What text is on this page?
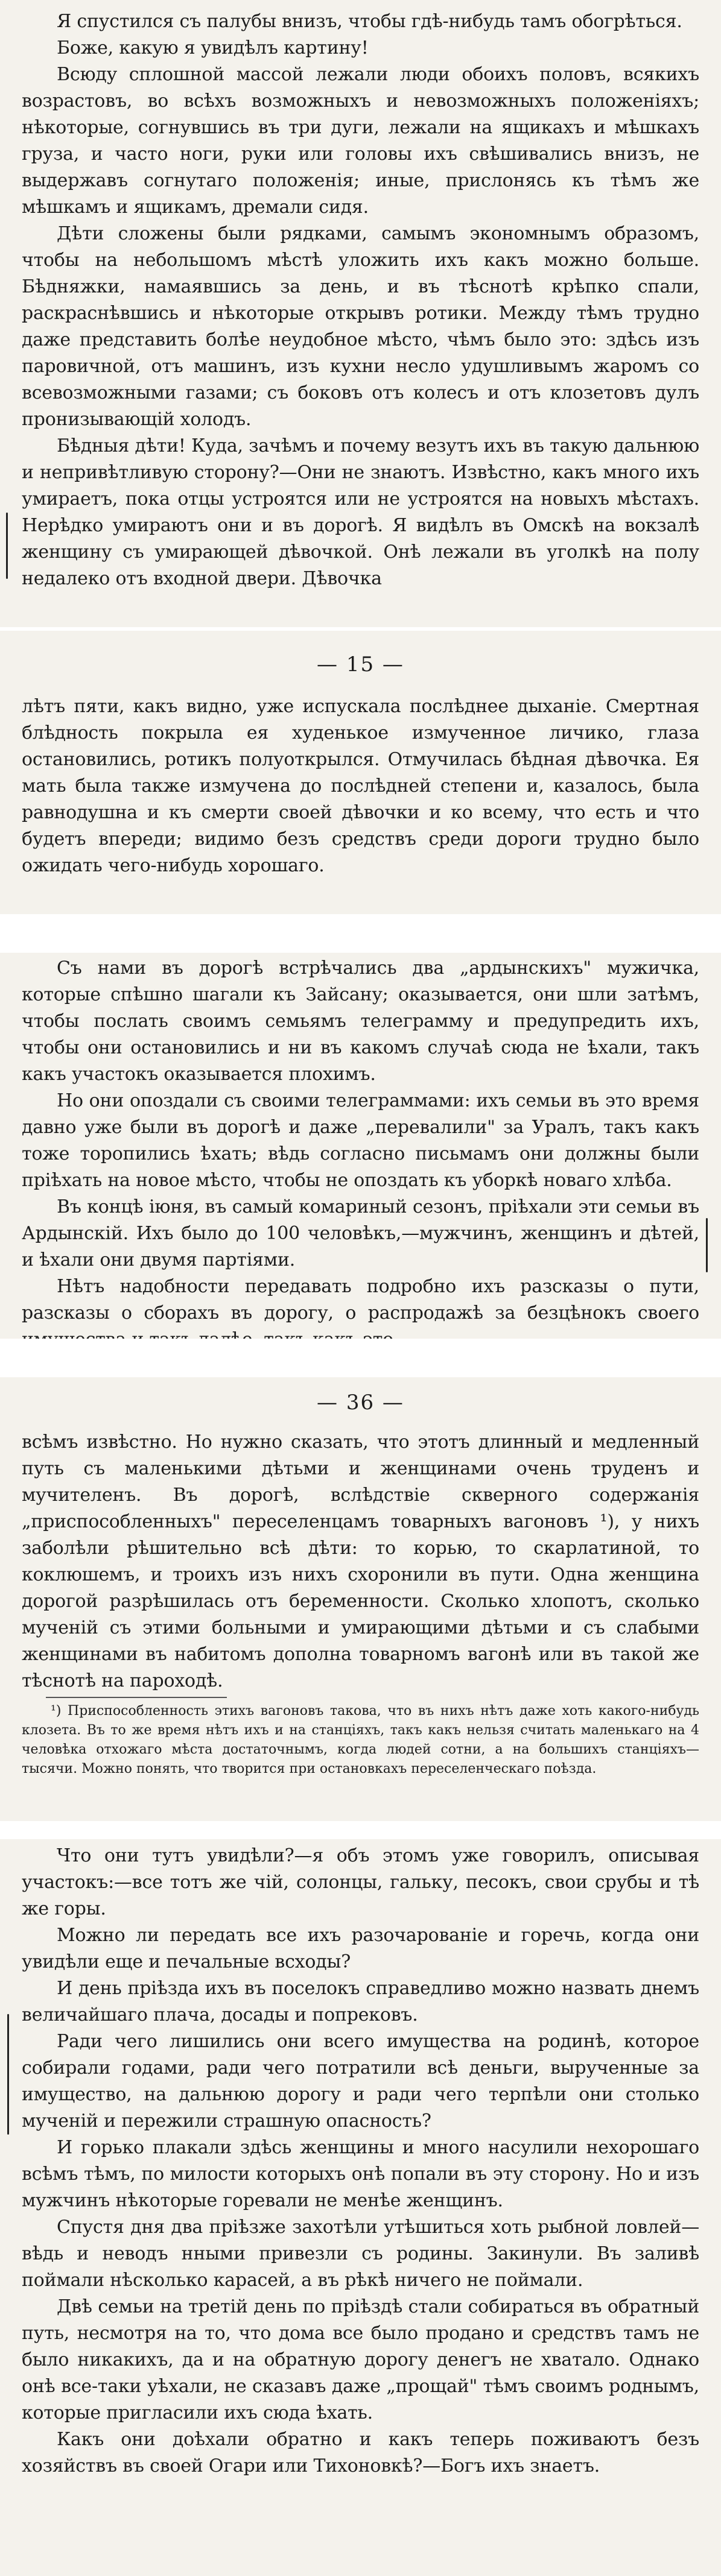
Я спустился съ палубы внизъ, чтобы гдѣ-нибудь тамъ обогрѣться.

Боже, какую я увидѣлъ картину!

Всюду сплошной массой лежали люди обоихъ половъ, всякихъ возрастовъ, во всѣхъ возможныхъ и невозможныхъ положеніяхъ; нѣкоторые, согнувшись въ три дуги, лежали на ящикахъ и мѣшкахъ груза, и часто ноги, руки или головы ихъ свѣшивались внизъ, не выдержавъ согнутаго положенія; иные, прислонясь къ тѣмъ же мѣшкамъ и ящикамъ, дремали сидя.

Дѣти сложены были рядками, самымъ экономнымъ образомъ, чтобы на небольшомъ мѣстѣ уложить ихъ какъ можно больше. Бѣдняжки, намаявшись за день, и въ тѣснотѣ крѣпко спали, раскраснѣвшись и нѣкоторые открывъ ротики. Между тѣмъ трудно даже представить болѣе неудобное мѣсто, чѣмъ было это: здѣсь изъ паровичной, отъ машинъ, изъ кухни несло удушливымъ жаромъ со всевозможными газами; съ боковъ отъ колесъ и отъ клозетовъ дулъ пронизывающій холодъ.

Бѣдныя дѣти! Куда, зачѣмъ и почему везутъ ихъ въ такую дальнюю и непривѣтливую сторону?—Они не знаютъ. Извѣстно, какъ много ихъ умираетъ, пока отцы устроятся или не устроятся на новыхъ мѣстахъ. Нерѣдко умираютъ они и въ дорогѣ. Я видѣлъ въ Омскѣ на вокзалѣ женщину съ умирающей дѣвочкой. Онѣ лежали въ уголкѣ на полу недалеко отъ входной двери. Дѣвочка

— 15 —

лѣтъ пяти, какъ видно, уже испускала послѣднее дыханіе. Смертная блѣдность покрыла ея худенькое измученное личико, глаза остановились, ротикъ полуоткрылся. Отмучилась бѣдная дѣвочка. Ея мать была также измучена до послѣдней степени и, казалось, была равнодушна и къ смерти своей дѣвочки и ко всему, что есть и что будетъ впереди; видимо безъ средствъ среди дороги трудно было ожидать чего-нибудь хорошаго.

Съ нами въ дорогѣ встрѣчались два „ардынскихъ" мужичка, которые спѣшно шагали къ Зайсану; оказывается, они шли затѣмъ, чтобы послать своимъ семьямъ телеграмму и предупредить ихъ, чтобы они остановились и ни въ какомъ случаѣ сюда не ѣхали, такъ какъ участокъ оказывается плохимъ.

Но они опоздали съ своими телеграммами: ихъ семьи въ это время давно уже были въ дорогѣ и даже „перевалили" за Уралъ, такъ какъ тоже торопились ѣхать; вѣдь согласно письмамъ они должны были пріѣхать на новое мѣсто, чтобы не опоздать къ уборкѣ новаго хлѣба.

Въ концѣ іюня, въ самый комариный сезонъ, пріѣхали эти семьи въ Ардынскій. Ихъ было до 100 человѣкъ,—мужчинъ, женщинъ и дѣтей, и ѣхали они двумя партіями.

Нѣтъ надобности передавать подробно ихъ разсказы о пути, разсказы о сборахъ въ дорогу, о распродажѣ за безцѣнокъ своего

— 36 —

всѣмъ извѣстно. Но нужно сказать, что этотъ длинный и медленный путь съ маленькими дѣтьми и женщинами очень труденъ и мучителенъ. Въ дорогѣ, вслѣдствіе скверного содержанія „приспособленныхъ" переселенцамъ товарныхъ вагоновъ ¹), у нихъ заболѣли рѣшительно всѣ дѣти: то корью, то скарлатиной, то коклюшемъ, и троихъ изъ нихъ схоронили въ пути. Одна женщина дорогой разрѣшилась отъ беременности. Сколько хлопотъ, сколько мученій съ этими больными и умирающими дѣтьми и съ слабыми женщинами въ набитомъ дополна товарномъ вагонѣ или въ такой же тѣснотѣ на пароходѣ.

¹) Приспособленность этихъ вагоновъ такова, что въ нихъ нѣтъ даже хоть какого-нибудь клозета. Въ то же время нѣтъ ихъ и на станціяхъ, такъ какъ нельзя считать маленькаго на 4 человѣка отхожаго мѣста достаточнымъ, когда людей сотни, а на большихъ станціяхъ—тысячи. Можно понять, что творится при остановкахъ переселенческаго поѣзда.

Что они тутъ увидѣли?—я объ этомъ уже говорилъ, описывая участокъ:—все тотъ же чій, солонцы, гальку, песокъ, свои срубы и тѣ же горы.

Можно ли передать все ихъ разочарованіе и горечь, когда они увидѣли еще и печальные всходы?

И день пріѣзда ихъ въ поселокъ справедливо можно назвать днемъ величайшаго плача, досады и попрековъ.

Ради чего лишились они всего имущества на родинѣ, которое собирали годами, ради чего потратили всѣ деньги, вырученные за имущество, на дальнюю дорогу и ради чего терпѣли они столько мученій и пережили страшную опасность?

И горько плакали здѣсь женщины и много насулили нехорошаго всѣмъ тѣмъ, по милости которыхъ онѣ попали въ эту сторону. Но и изъ мужчинъ нѣкоторые горевали не менѣе женщинъ.

Спустя дня два пріѣзже захотѣли утѣшиться хоть рыбной ловлей—вѣдь и неводъ нными привезли съ родины. Закинули. Въ заливѣ поймали нѣсколько карасей, а въ рѣкѣ ничего не поймали.

Двѣ семьи на третій день по пріѣздѣ стали собираться въ обратный путь, несмотря на то, что дома все было продано и средствъ тамъ не было никакихъ, да и на обратную дорогу денегъ не хватало. Однако онѣ все-таки уѣхали, не сказавъ даже „прощай" тѣмъ своимъ роднымъ, которые пригласили ихъ сюда ѣхать.

Какъ они доѣхали обратно и какъ теперь поживаютъ безъ хозяйствъ въ своей Огари или Тихоновкѣ?—Богъ ихъ знаетъ.
